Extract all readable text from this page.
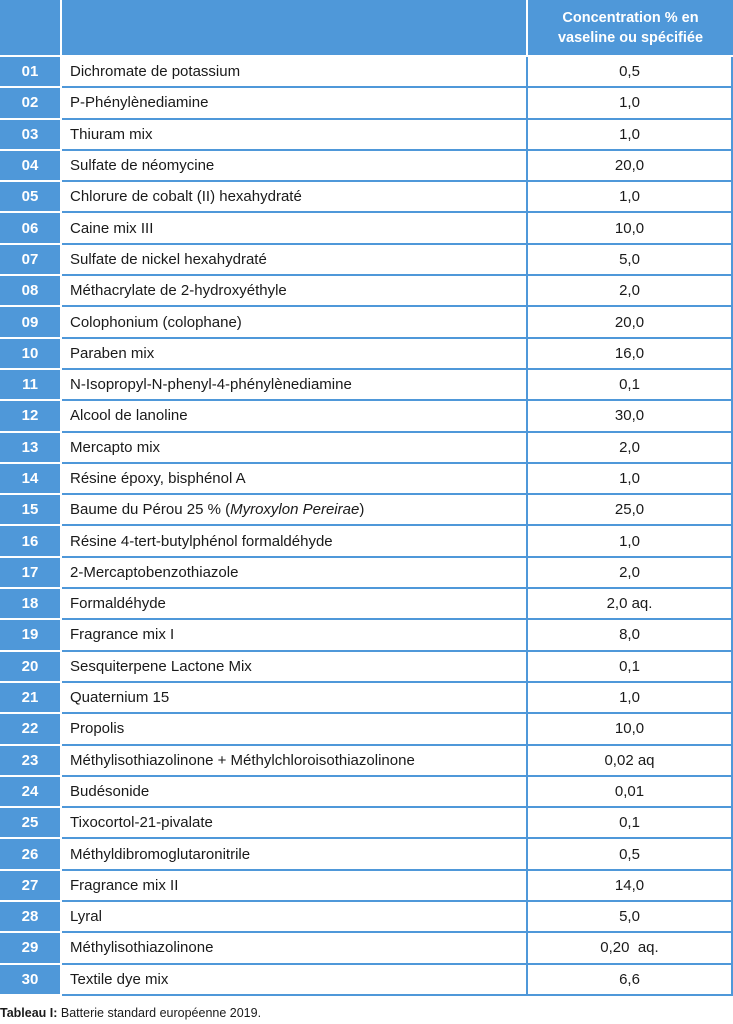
		Concentration % en vaseline ou spécifiée
01	Dichromate de potassium	0,5
02	P-Phénylènediamine	1,0
03	Thiuram mix	1,0
04	Sulfate de néomycine	20,0
05	Chlorure de cobalt (II) hexahydraté	1,0
06	Caine mix III	10,0
07	Sulfate de nickel hexahydraté	5,0
08	Méthacrylate de 2-hydroxyéthyle	2,0
09	Colophonium (colophane)	20,0
10	Paraben mix	16,0
11	N-Isopropyl-N-phenyl-4-phénylènediamine	0,1
12	Alcool de lanoline	30,0
13	Mercapto mix	2,0
14	Résine époxy, bisphénol A	1,0
15	Baume du Pérou 25 % (Myroxylon Pereirae)	25,0
16	Résine 4-tert-butylphénol formaldéhyde	1,0
17	2-Mercaptobenzothiazole	2,0
18	Formaldéhyde	2,0 aq.
19	Fragrance mix I	8,0
20	Sesquiterpene Lactone Mix	0,1
21	Quaternium 15	1,0
22	Propolis	10,0
23	Méthylisothiazolinone + Méthylchloroisothiazolinone	0,02 aq
24	Budésonide	0,01
25	Tixocortol-21-pivalate	0,1
26	Méthyldibromoglutaronitrile	0,5
27	Fragrance mix II	14,0
28	Lyral	5,0
29	Méthylisothiazolinone	0,20  aq.
30	Textile dye mix	6,6
Tableau I: Batterie standard européenne 2019.
